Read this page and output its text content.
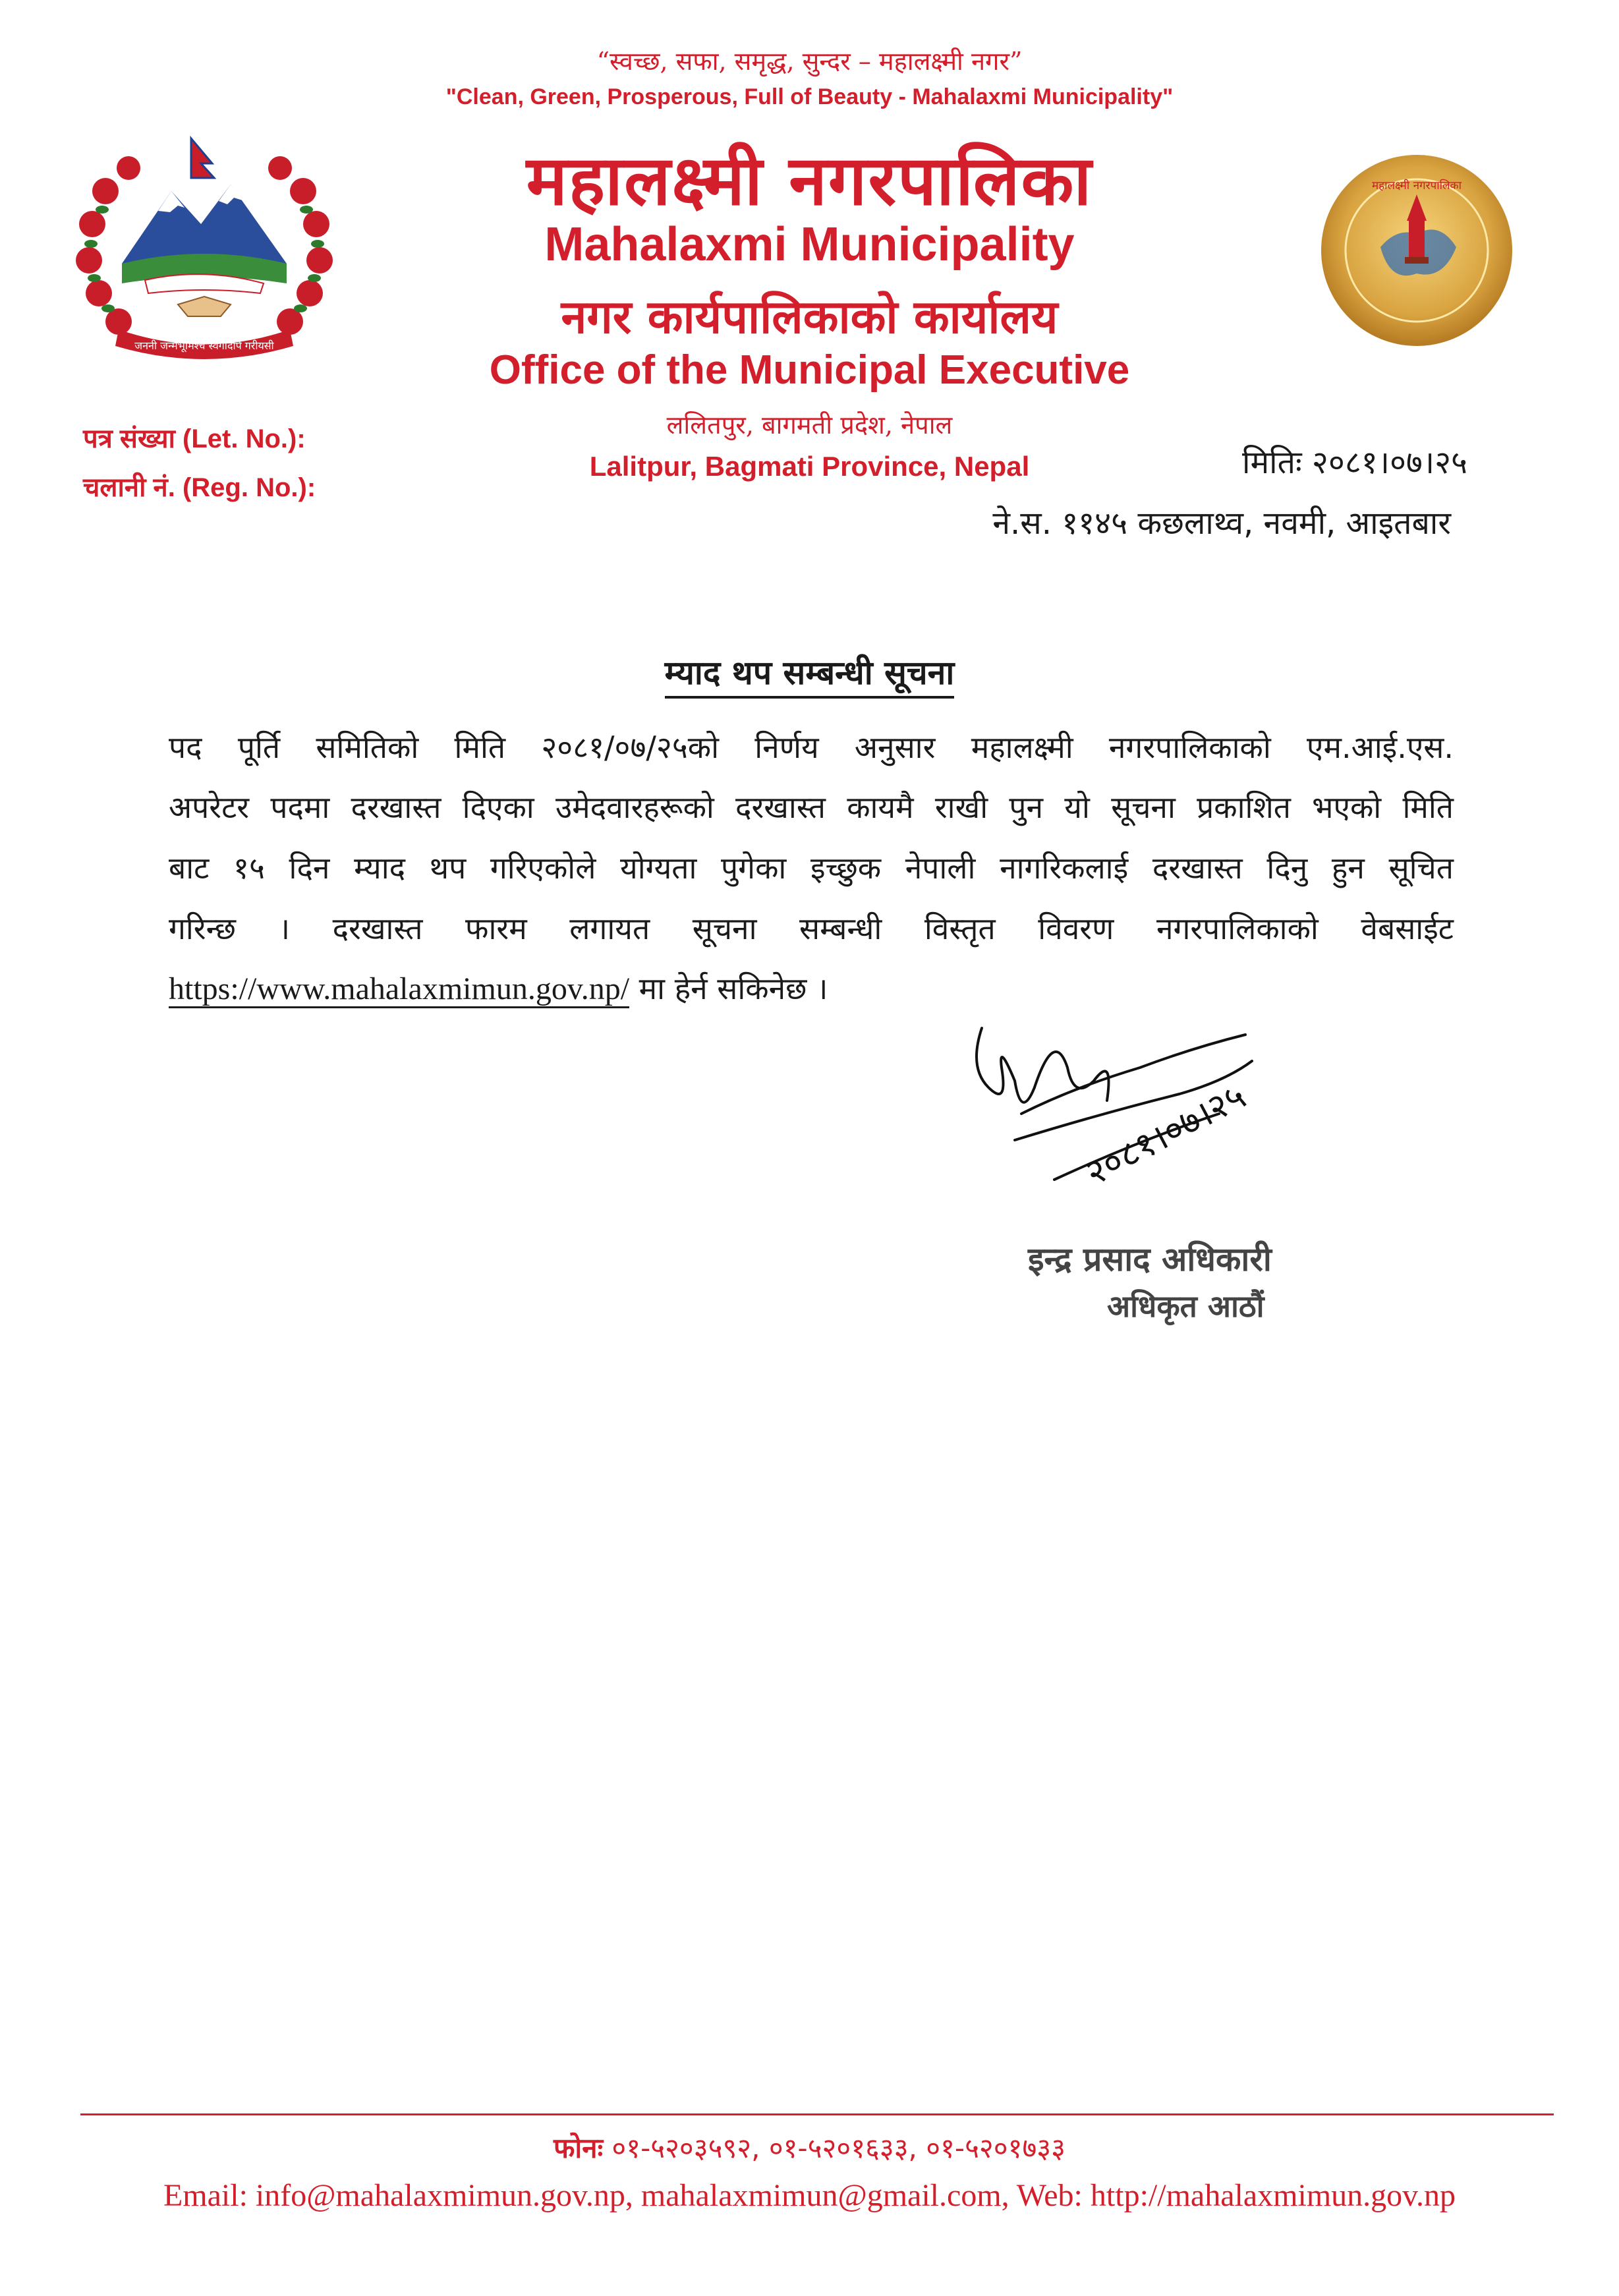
“स्वच्छ, सफा, समृद्ध, सुन्दर – महालक्ष्मी नगर”
"Clean, Green, Prosperous, Full of Beauty - Mahalaxmi Municipality"
महालक्ष्मी नगरपालिका
Mahalaxmi Municipality
नगर कार्यपालिकाको कार्यालय
Office of the Municipal Executive
ललितपुर, बागमती प्रदेश, नेपाल
Lalitpur, Bagmati Province, Nepal
जननी जन्मभूमिश्च स्वर्गादपि गरीयसी
महालक्ष्मी नगरपालिका
पत्र संख्या (Let. No.):
चलानी नं. (Reg. No.):
मितिः २०८१।०७।२५
ने.स. ११४५ कछलाथ्व, नवमी, आइतबार
म्याद थप सम्बन्धी सूचना
पद पूर्ति समितिको मिति २०८१/०७/२५को निर्णय अनुसार महालक्ष्मी नगरपालिकाको एम.आई.एस.
अपरेटर पदमा दरखास्त दिएका उमेदवारहरूको दरखास्त कायमै राखी पुन यो सूचना प्रकाशित भएको मिति
बाट १५ दिन म्याद थप गरिएकोले योग्यता पुगेका इच्छुक नेपाली नागरिकलाई दरखास्त दिनु हुन सूचित
गरिन्छ । दरखास्त फारम लगायत सूचना सम्बन्धी विस्तृत विवरण नगरपालिकाको वेबसाईट
https://www.mahalaxmimun.gov.np/ मा हेर्न सकिनेछ ।
२०८१।०७।२५
इन्द्र प्रसाद अधिकारी
अधिकृत आठौं
फोनः ०१-५२०३५९२, ०१-५२०१६३३, ०१-५२०१७३३
Email: info@mahalaxmimun.gov.np, mahalaxmimun@gmail.com, Web: http://mahalaxmimun.gov.np
